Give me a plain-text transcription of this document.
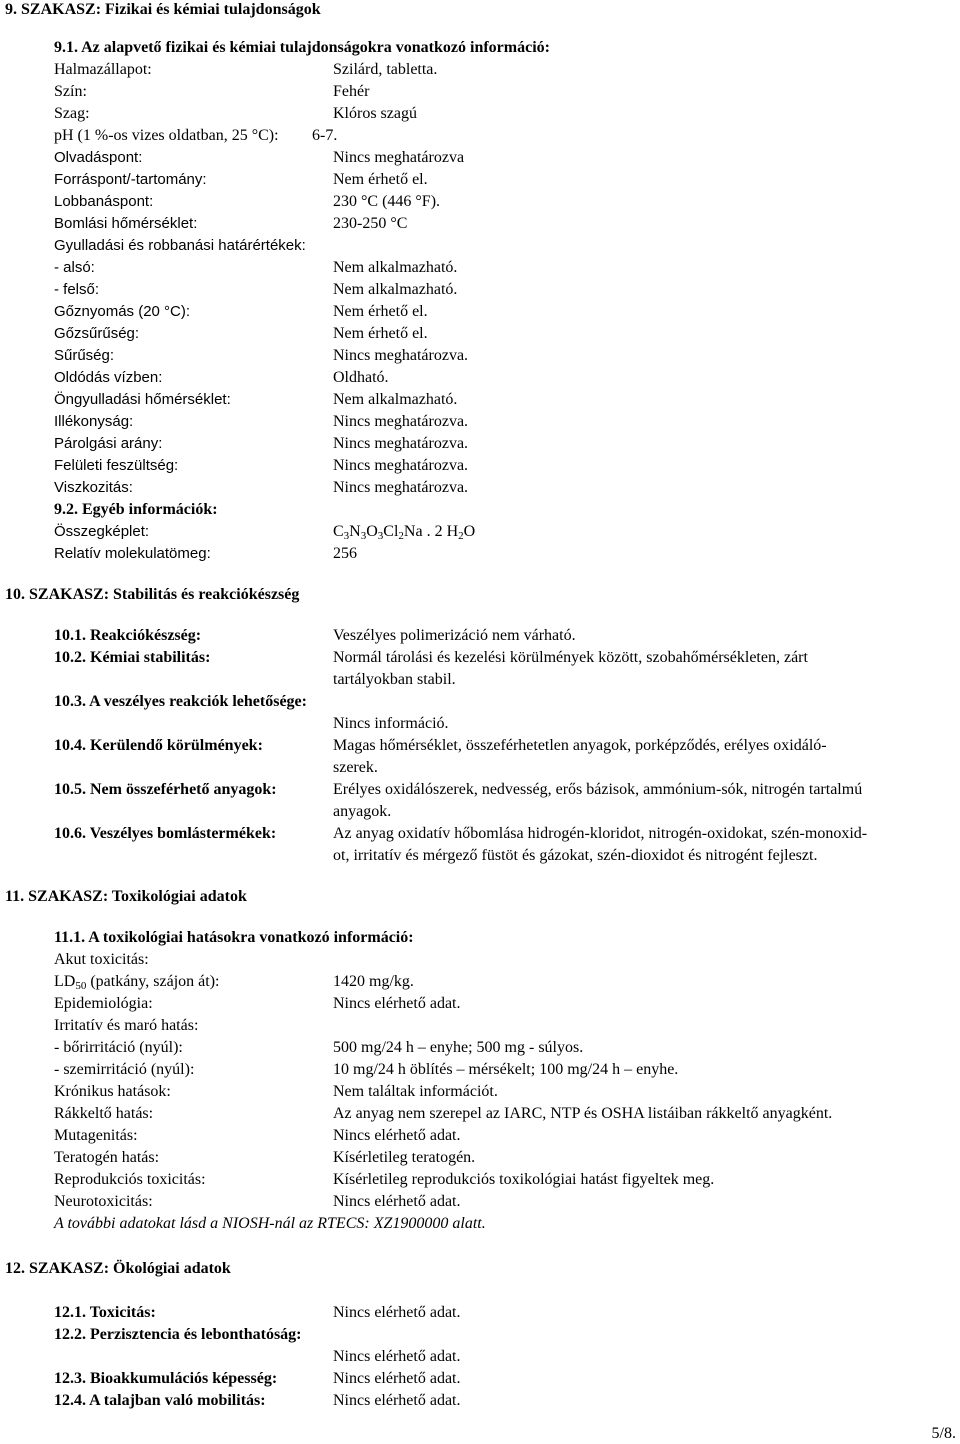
9. SZAKASZ: Fizikai és kémiai tulajdonságok
9.1. Az alapvető fizikai és kémiai tulajdonságokra vonatkozó információ:
Halmazállapot:	Szilárd, tabletta.
Szín:	Fehér
Szag:	Klóros szagú
pH (1 %-os vizes oldatban, 25 °C): 6-7.
Olvadáspont:	Nincs meghatározva
Forráspont/-tartomány:	Nem érhető el.
Lobbanáspont:	230 °C (446 °F).
Bomlási hőmérséklet:	230-250 °C
Gyulladási és robbanási határértékek:
- alsó:	Nem alkalmazható.
- felső:	Nem alkalmazható.
Gőznyomás (20 °C):	Nem érhető el.
Gőzsűrűség:	Nem érhető el.
Sűrűség:	Nincs meghatározva.
Oldódás vízben:	Oldható.
Öngyulladási hőmérséklet:	Nem alkalmazható.
Illékonyság:	Nincs meghatározva.
Párolgási arány:	Nincs meghatározva.
Felületi feszültség:	Nincs meghatározva.
Viszkozitás:	Nincs meghatározva.
9.2. Egyéb információk:
Összegképlet:	$C_3N_3O_3Cl_2Na$ . 2 $H_2O$
Relatív molekulatömeg:	256
10. SZAKASZ: Stabilitás és reakciókészség
10.1. Reakciókészség:	Veszélyes polimerizáció nem várható.
10.2. Kémiai stabilitás:	Normál tárolási és kezelési körülmények között, szobahőmérsékleten, zárt
tartályokban stabil.
10.3. A veszélyes reakciók lehetősége:
Nincs információ.
10.4. Kerülendő körülmények:	Magas hőmérséklet, összeférhetetlen anyagok, porképződés, erélyes oxidáló-
szerek.
10.5. Nem összeférhető anyagok:	Erélyes oxidálószerek, nedvesség, erős bázisok, ammónium-sók, nitrogén tartalmú
anyagok.
10.6. Veszélyes bomlástermékek:	Az anyag oxidatív hőbomlása hidrogén-kloridot, nitrogén-oxidokat, szén-monoxid-
ot, irritatív és mérgező füstöt és gázokat, szén-dioxidot és nitrogént fejleszt.
11. SZAKASZ: Toxikológiai adatok
11.1. A toxikológiai hatásokra vonatkozó információ:
Akut toxicitás:
$LD_{50}$ (patkány, szájon át):	1420 mg/kg.
Epidemiológia:	Nincs elérhető adat.
Irritatív és maró hatás:
- bőrirritáció (nyúl):	500 mg/24 h – enyhe; 500 mg - súlyos.
- szemirritáció (nyúl):	10 mg/24 h öblítés – mérsékelt; 100 mg/24 h – enyhe.
Krónikus hatások:	Nem találtak információt.
Rákkeltő hatás:	Az anyag nem szerepel az IARC, NTP és OSHA listáiban rákkeltő anyagként.
Mutagenitás:	Nincs elérhető adat.
Teratogén hatás:	Kísérletileg teratogén.
Reprodukciós toxicitás:	Kísérletileg reprodukciós toxikológiai hatást figyeltek meg.
Neurotoxicitás:	Nincs elérhető adat.
A további adatokat lásd a NIOSH-nál az RTECS: XZ1900000 alatt.
12. SZAKASZ: Ökológiai adatok
12.1. Toxicitás:	Nincs elérhető adat.
12.2. Perzisztencia és lebonthatóság:
Nincs elérhető adat.
12.3. Bioakkumulációs képesség:	Nincs elérhető adat.
12.4. A talajban való mobilitás:	Nincs elérhető adat.
5/8.
